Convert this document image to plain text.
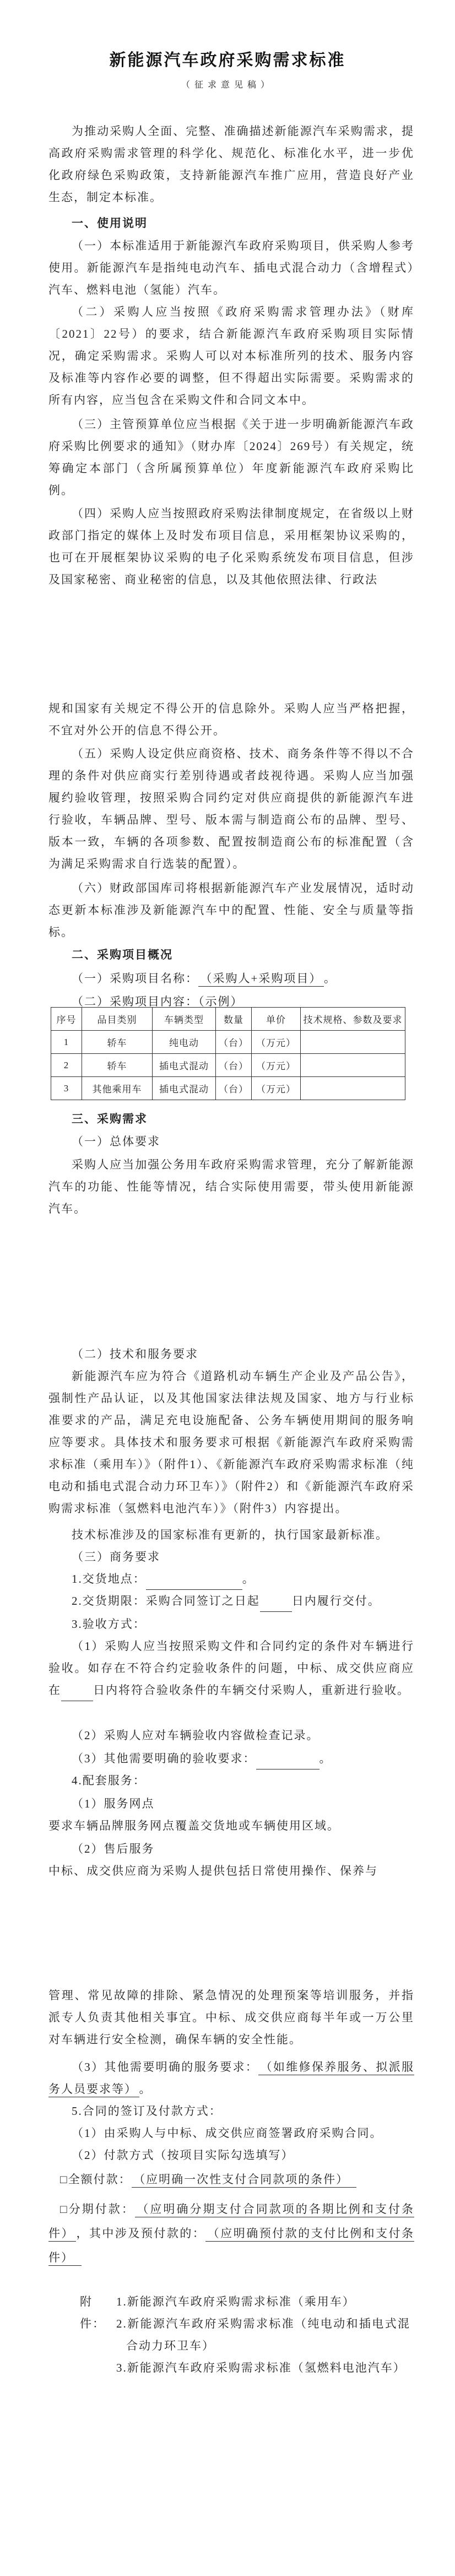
新能源汽车政府采购需求标准
（征求意见稿）
为推动采购人全面、完整、准确描述新能源汽车采购需求，提高政府采购需求管理的科学化、规范化、标准化水平，进一步优化政府绿色采购政策，支持新能源汽车推广应用，营造良好产业生态，制定本标准。
一、使用说明
（一）本标准适用于新能源汽车政府采购项目，供采购人参考使用。新能源汽车是指纯电动汽车、插电式混合动力（含增程式）汽车、燃料电池（氢能）汽车。
（二）采购人应当按照《政府采购需求管理办法》（财库〔2021〕22号）的要求，结合新能源汽车政府采购项目实际情况，确定采购需求。采购人可以对本标准所列的技术、服务内容及标准等内容作必要的调整，但不得超出实际需要。采购需求的所有内容，应当包含在采购文件和合同文本中。
（三）主管预算单位应当根据《关于进一步明确新能源汽车政府采购比例要求的通知》（财办库〔2024〕269号）有关规定，统筹确定本部门（含所属预算单位）年度新能源汽车政府采购比例。
（四）采购人应当按照政府采购法律制度规定，在省级以上财政部门指定的媒体上及时发布项目信息，采用框架协议采购的，也可在开展框架协议采购的电子化采购系统发布项目信息，但涉及国家秘密、商业秘密的信息，以及其他依照法律、行政法
规和国家有关规定不得公开的信息除外。采购人应当严格把握，不宜对外公开的信息不得公开。
（五）采购人设定供应商资格、技术、商务条件等不得以不合理的条件对供应商实行差别待遇或者歧视待遇。采购人应当加强履约验收管理，按照采购合同约定对供应商提供的新能源汽车进行验收，车辆品牌、型号、版本需与制造商公布的品牌、型号、版本一致，车辆的各项参数、配置按制造商公布的标准配置（含为满足采购需求自行选装的配置）。
（六）财政部国库司将根据新能源汽车产业发展情况，适时动态更新本标准涉及新能源汽车中的配置、性能、安全与质量等指标。
二、采购项目概况
（一）采购项目名称： （采购人+采购项目） 。
（二）采购项目内容：（示例）
序号	品目类别	车辆类型	数量	单价	技术规格、参数及要求
1	轿车	纯电动	（台）	（万元）	
2	轿车	插电式混动	（台）	（万元）	
3	其他乘用车	插电式混动	（台）	（万元）	
三、采购需求
（一）总体要求
采购人应当加强公务用车政府采购需求管理，充分了解新能源汽车的功能、性能等情况，结合实际使用需要，带头使用新能源汽车。
（二）技术和服务要求
新能源汽车应为符合《道路机动车辆生产企业及产品公告》，强制性产品认证，以及其他国家法律法规及国家、地方与行业标准要求的产品，满足充电设施配备、公务车辆使用期间的服务响应等要求。具体技术和服务要求可根据《新能源汽车政府采购需求标准（乘用车）》（附件1）、《新能源汽车政府采购需求标准（纯电动和插电式混合动力环卫车）》（附件2）和《新能源汽车政府采购需求标准（氢燃料电池汽车）》（附件3）内容提出。
技术标准涉及的国家标准有更新的，执行国家最新标准。
（三）商务要求
1.交货地点：	。
2.交货期限：采购合同签订之日起	日内履行交付。
3.验收方式：
（1）采购人应当按照采购文件和合同约定的条件对车辆进行验收。如存在不符合约定验收条件的问题，中标、成交供应商应在	日内将符合验收条件的车辆交付采购人，重新进行验收。
（2）采购人应对车辆验收内容做检查记录。
（3）其他需要明确的验收要求：	。
4.配套服务：
（1）服务网点
要求车辆品牌服务网点覆盖交货地或车辆使用区域。
（2）售后服务
中标、成交供应商为采购人提供包括日常使用操作、保养与
管理、常见故障的排除、紧急情况的处理预案等培训服务，并指派专人负责其他相关事宜。中标、成交供应商每半年或一万公里对车辆进行安全检测，确保车辆的安全性能。
（3）其他需要明确的服务要求： （如维修保养服务、拟派服务人员要求等） 。
5.合同的签订及付款方式：
（1）由采购人与中标、成交供应商签署政府采购合同。
（2）付款方式（按项目实际勾选填写）
□全额付款： （应明确一次性支付合同款项的条件）
□分期付款： （应明确分期支付合同款项的各期比例和支付条件） ，其中涉及预付款的： （应明确预付款的支付比例和支付条件）
附件：
1.新能源汽车政府采购需求标准（乘用车）
2.新能源汽车政府采购需求标准（纯电动和插电式混合动力环卫车）
3.新能源汽车政府采购需求标准（氢燃料电池汽车）
